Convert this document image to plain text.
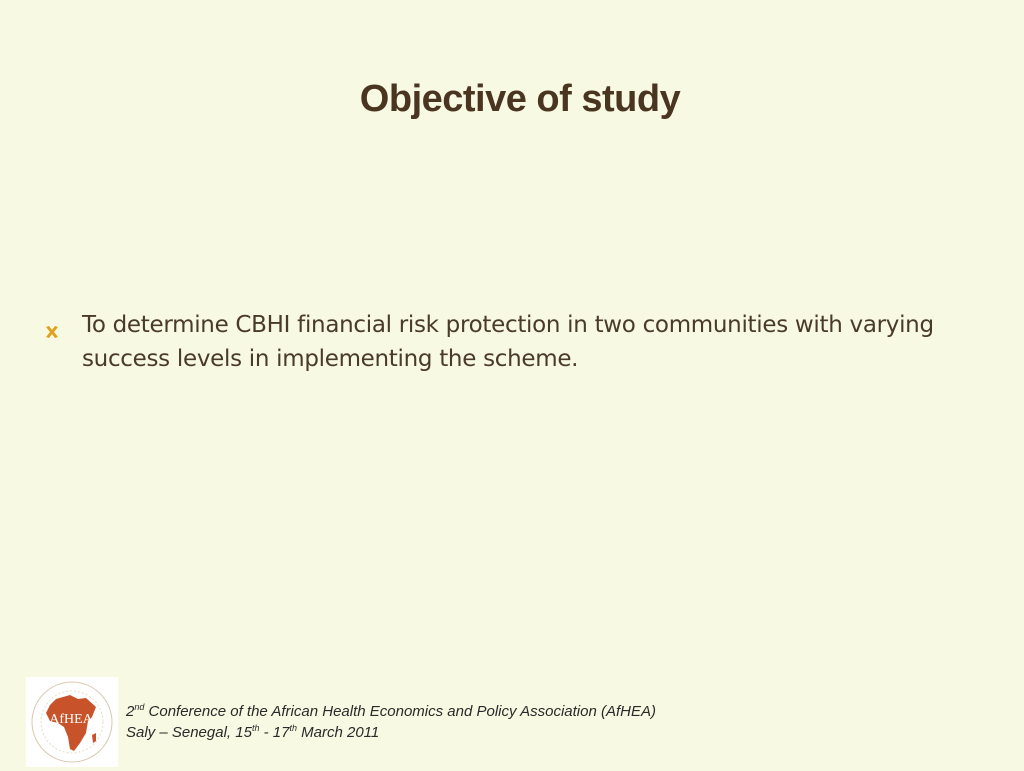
Objective of study
To determine CBHI financial risk protection in two communities with varying success levels in implementing the scheme.
AfHEA 2nd Conference of the African Health Economics and Policy Association (AfHEA)
Saly – Senegal, 15th - 17th March 2011
